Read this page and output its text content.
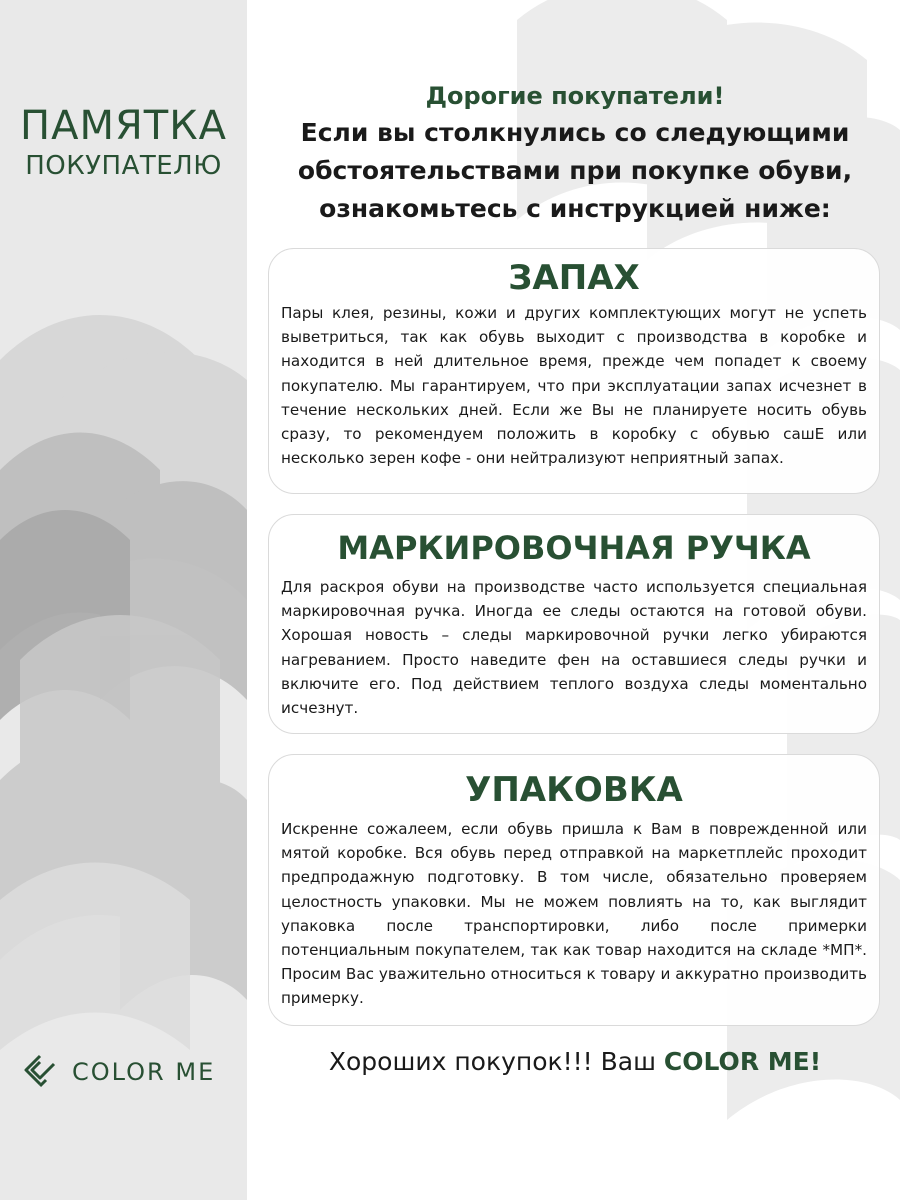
ПАМЯТКА
ПОКУПАТЕЛЮ
COLOR ME
Дорогие покупатели!
Если вы столкнулись со следующими
обстоятельствами при покупке обуви,
ознакомьтесь с инструкцией ниже:
ЗАПАХ

Пары клея, резины, кожи и других комплектующих могут не успеть выветриться, так как обувь выходит с производства в коробке и находится в ней длительное время, прежде чем попадет к своему покупателю. Мы гарантируем, что при эксплуатации запах исчезнет в течение нескольких дней. Если же Вы не планируете носить обувь сразу, то рекомендуем положить в коробку с обувью сашЕ или несколько зерен кофе - они нейтрализуют неприятный запах.

МАРКИРОВОЧНАЯ РУЧКА

Для раскроя обуви на производстве часто используется специальная маркировочная ручка. Иногда ее следы остаются на готовой обуви. Хорошая новость – следы маркировочной ручки легко убираются нагреванием. Просто наведите фен на оставшиеся следы ручки и включите его. Под действием теплого воздуха следы моментально исчезнут.

УПАКОВКА

Искренне сожалеем, если обувь пришла к Вам в поврежденной или мятой коробке. Вся обувь перед отправкой на маркетплейс проходит предпродажную подготовку. В том числе, обязательно проверяем целостность упаковки. Мы не можем повлиять на то, как выглядит упаковка после транспортировки, либо после примерки потенциальным покупателем, так как товар находится на складе *МП*. Просим Вас уважительно относиться к товару и аккуратно производить примерку.

Хороших покупок!!! Ваш COLOR ME!
